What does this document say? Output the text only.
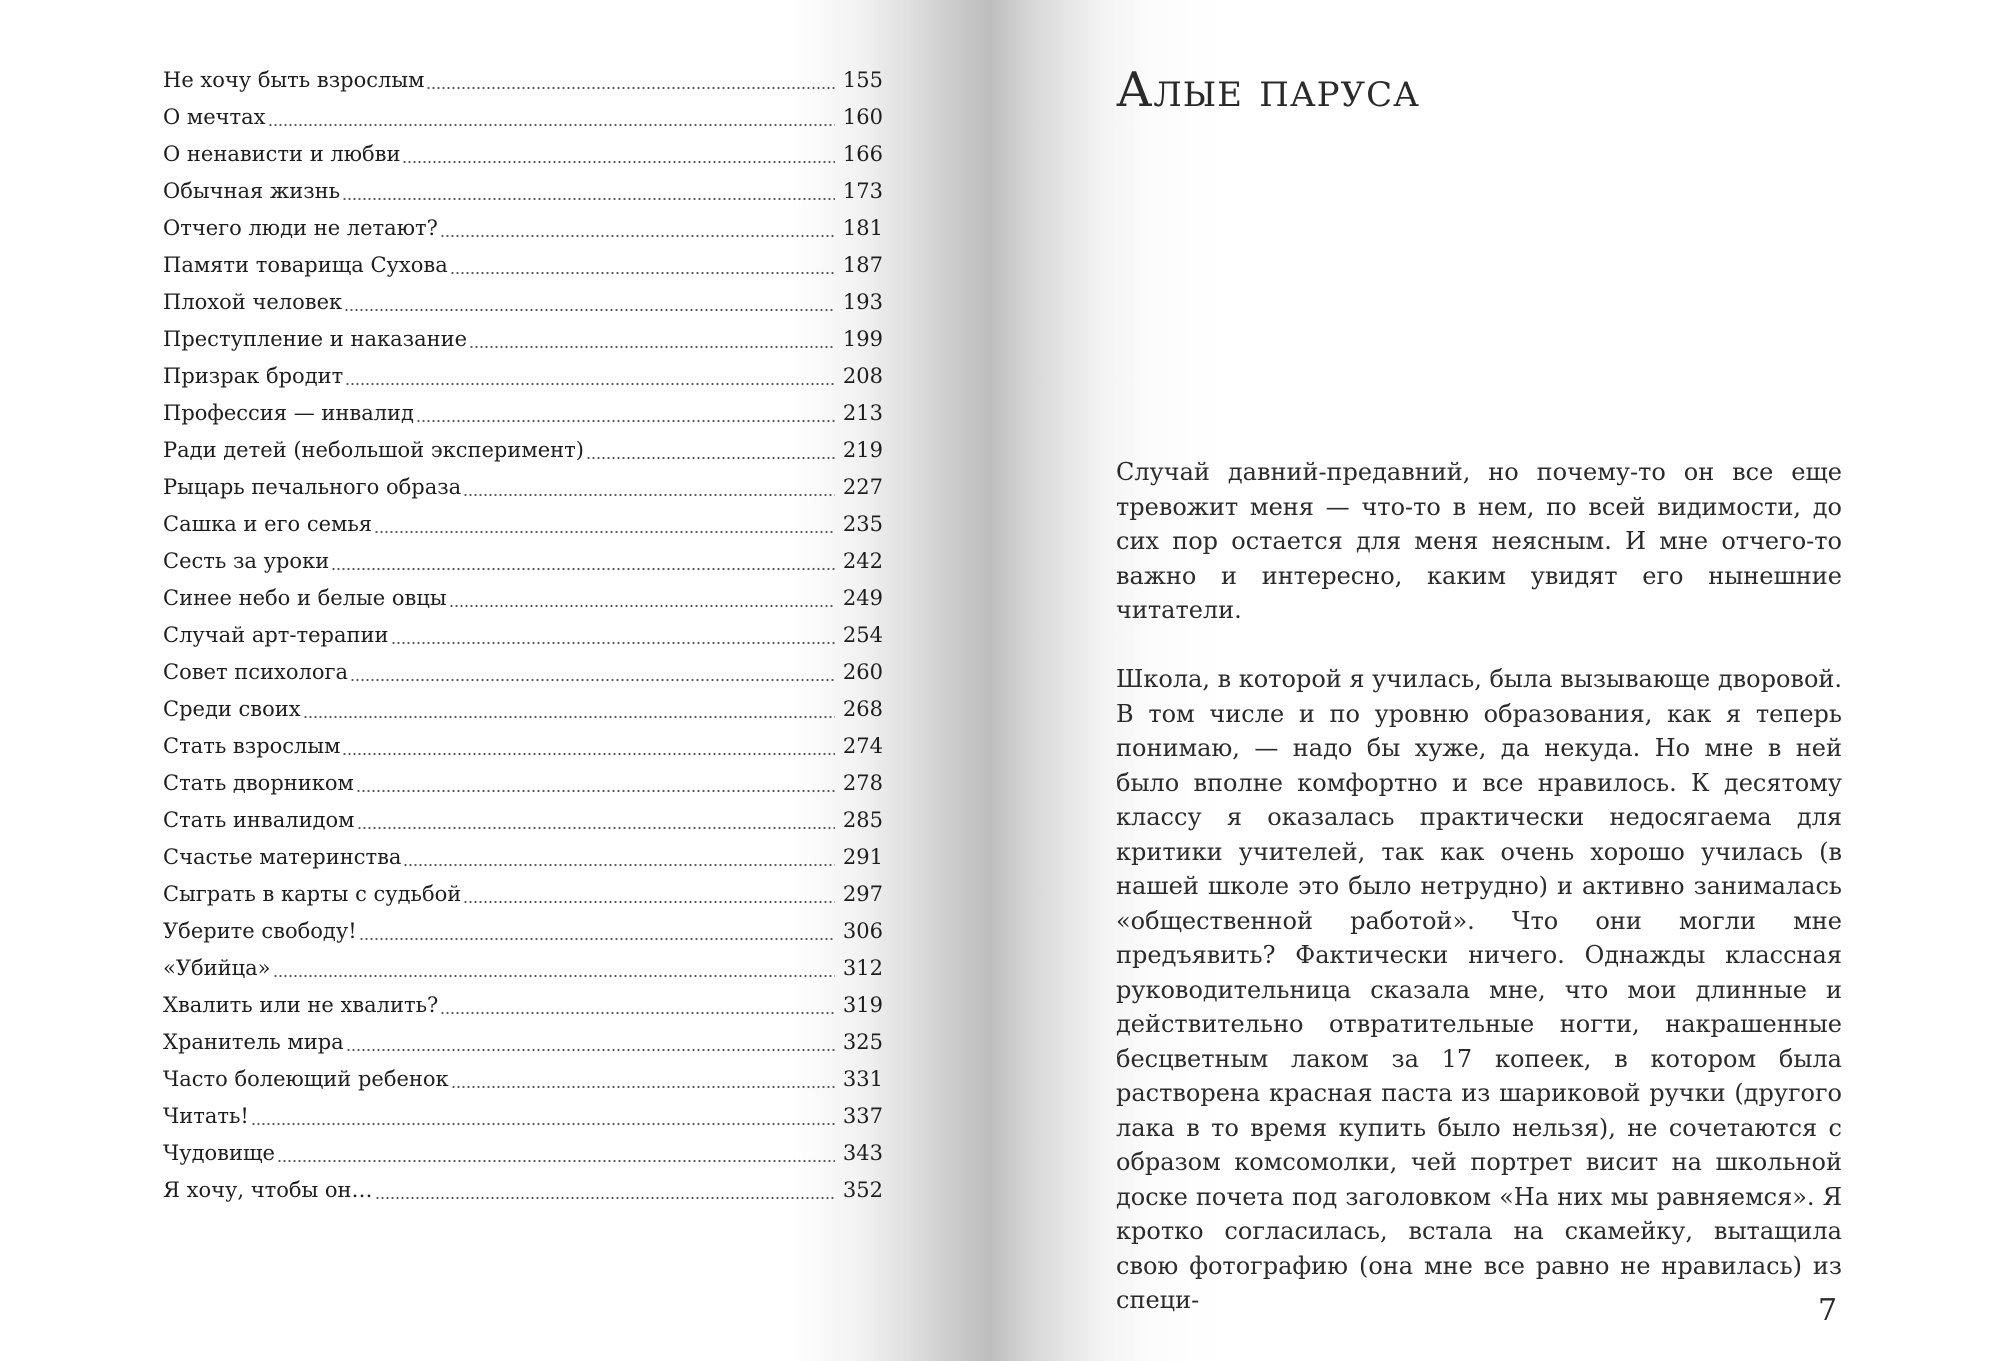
Не хочу быть взрослым	155
О мечтах	160
О ненависти и любви	166
Обычная жизнь	173
Отчего люди не летают?	181
Памяти товарища Сухова	187
Плохой человек	193
Преступление и наказание	199
Призрак бродит	208
Профессия — инвалид	213
Ради детей (небольшой эксперимент)	219
Рыцарь печального образа	227
Сашка и его семья	235
Сесть за уроки	242
Синее небо и белые овцы	249
Случай арт-терапии	254
Совет психолога	260
Среди своих	268
Стать взрослым	274
Стать дворником	278
Стать инвалидом	285
Счастье материнства	291
Сыграть в карты с судьбой	297
Уберите свободу!	306
«Убийца»	312
Хвалить или не хвалить?	319
Хранитель мира	325
Часто болеющий ребенок	331
Читать!	337
Чудовище	343
Я хочу, чтобы он…	352
Алые паруса

Случай давний-предавний, но почему-то он все еще тревожит меня — что-то в нем, по всей видимости, до сих пор остается для меня неясным. И мне отчего-то важно и интересно, каким увидят его нынешние читатели.

Школа, в которой я училась, была вызывающе дворовой. В том числе и по уровню образования, как я теперь понимаю, — надо бы хуже, да некуда. Но мне в ней было вполне комфортно и все нравилось. К десятому классу я оказалась практически недосягаема для критики учителей, так как очень хорошо училась (в нашей школе это было нетрудно) и активно занималась «общественной работой». Что они могли мне предъявить? Фактически ничего. Однажды классная руководительница сказала мне, что мои длинные и действительно отвратительные ногти, накрашенные бесцветным лаком за 17 копеек, в котором была растворена красная паста из шариковой ручки (другого лака в то время купить было нельзя), не сочетаются с образом комсомолки, чей портрет висит на школьной доске почета под заголовком «На них мы равняемся». Я кротко согласилась, встала на скамейку, вытащила свою фотографию (она мне все равно не нравилась) из специ-	7
